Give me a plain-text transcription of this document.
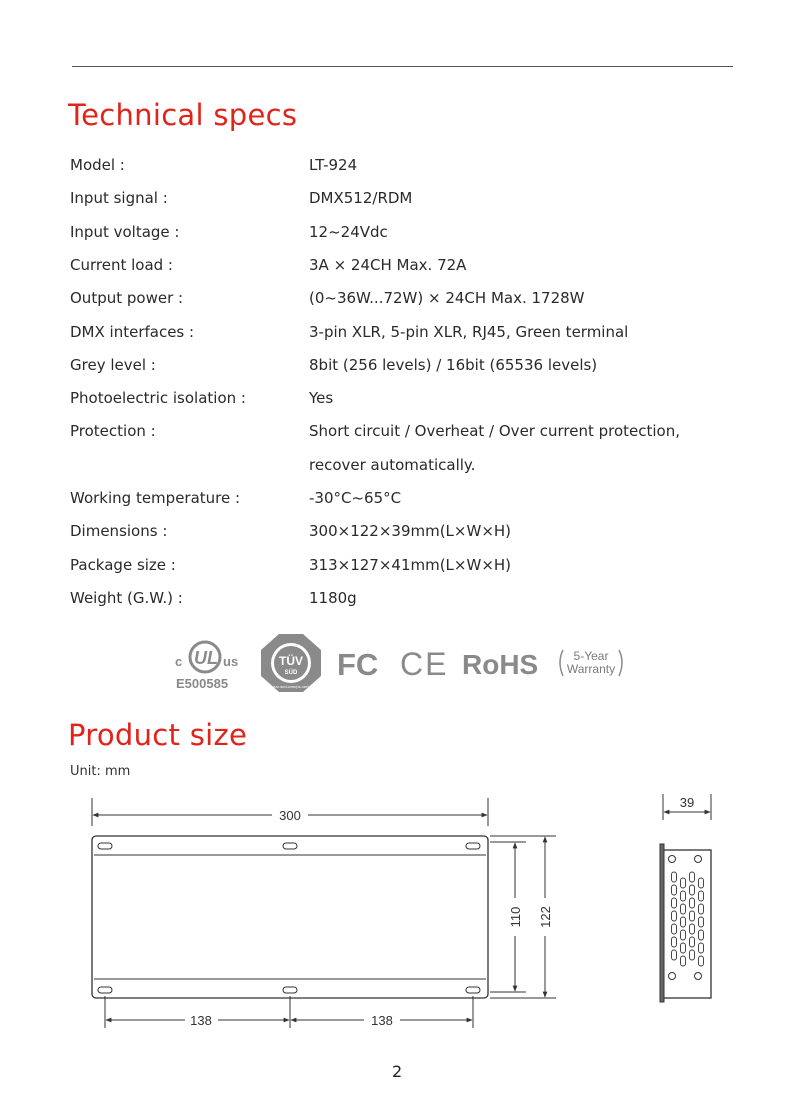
Technical specs
Model :	LT-924
Input signal :	DMX512/RDM
Input voltage :	12~24Vdc
Current load :	3A × 24CH Max. 72A
Output power :	(0~36W...72W) × 24CH Max. 1728W
DMX interfaces :	3-pin XLR, 5-pin XLR, RJ45, Green terminal
Grey level :	8bit (256 levels) / 16bit (65536 levels)
Photoelectric isolation :	Yes
Protection :	Short circuit / Overheat / Over current protection,
recover automatically.
Working temperature :	-30°C~65°C
Dimensions :	300×122×39mm(L×W×H)
Package size :	313×127×41mm(L×W×H)
Weight (G.W.) :	1180g
c UL us
E500585
TÜV
SÜD
tuv-sud.com/ps-cert
FC CE RoHS	5-Year
Warranty
Product size
Unit: mm
300
138	138
110 122
39
2
